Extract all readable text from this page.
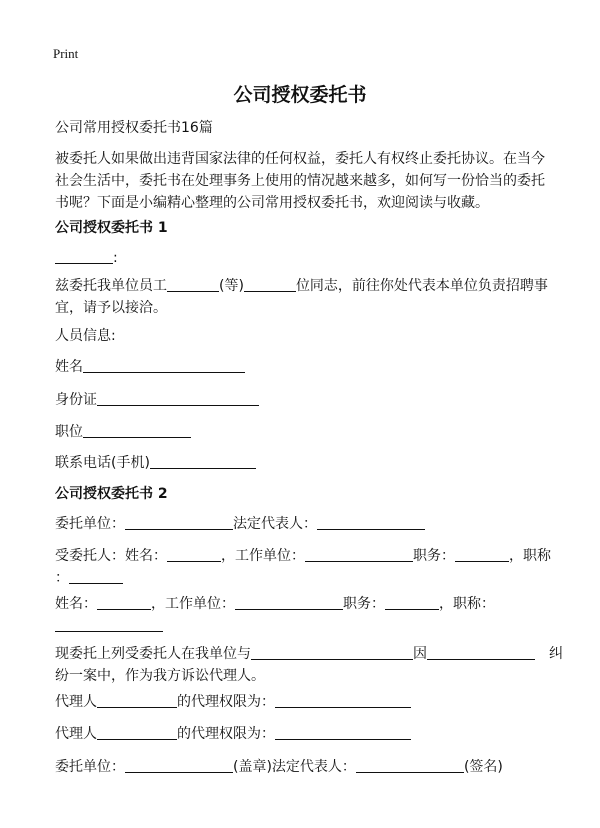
Print
公司授权委托书
公司常用授权委托书16篇
被委托人如果做出违背国家法律的任何权益，委托人有权终止委托协议。在当今社会生活中，委托书在处理事务上使用的情况越来越多，如何写一份恰当的委托书呢？下面是小编精心整理的公司常用授权委托书，欢迎阅读与收藏。
公司授权委托书 1
:
兹委托我单位员工	(等)	位同志，前往你处代表本单位负责招聘事
宜，请予以接洽。
人员信息:
姓名
身份证
职位
联系电话(手机)
公司授权委托书 2
委托单位：	法定代表人：
受委托人：姓名：	，工作单位：	职务：	，职称
：
姓名：	，工作单位：	职务：	，职称：
现委托上列受委托人在我单位与	因	纠
纷一案中，作为我方诉讼代理人。
代理人	的代理权限为：
代理人	的代理权限为：
委托单位：	(盖章)法定代表人：	(签名)
